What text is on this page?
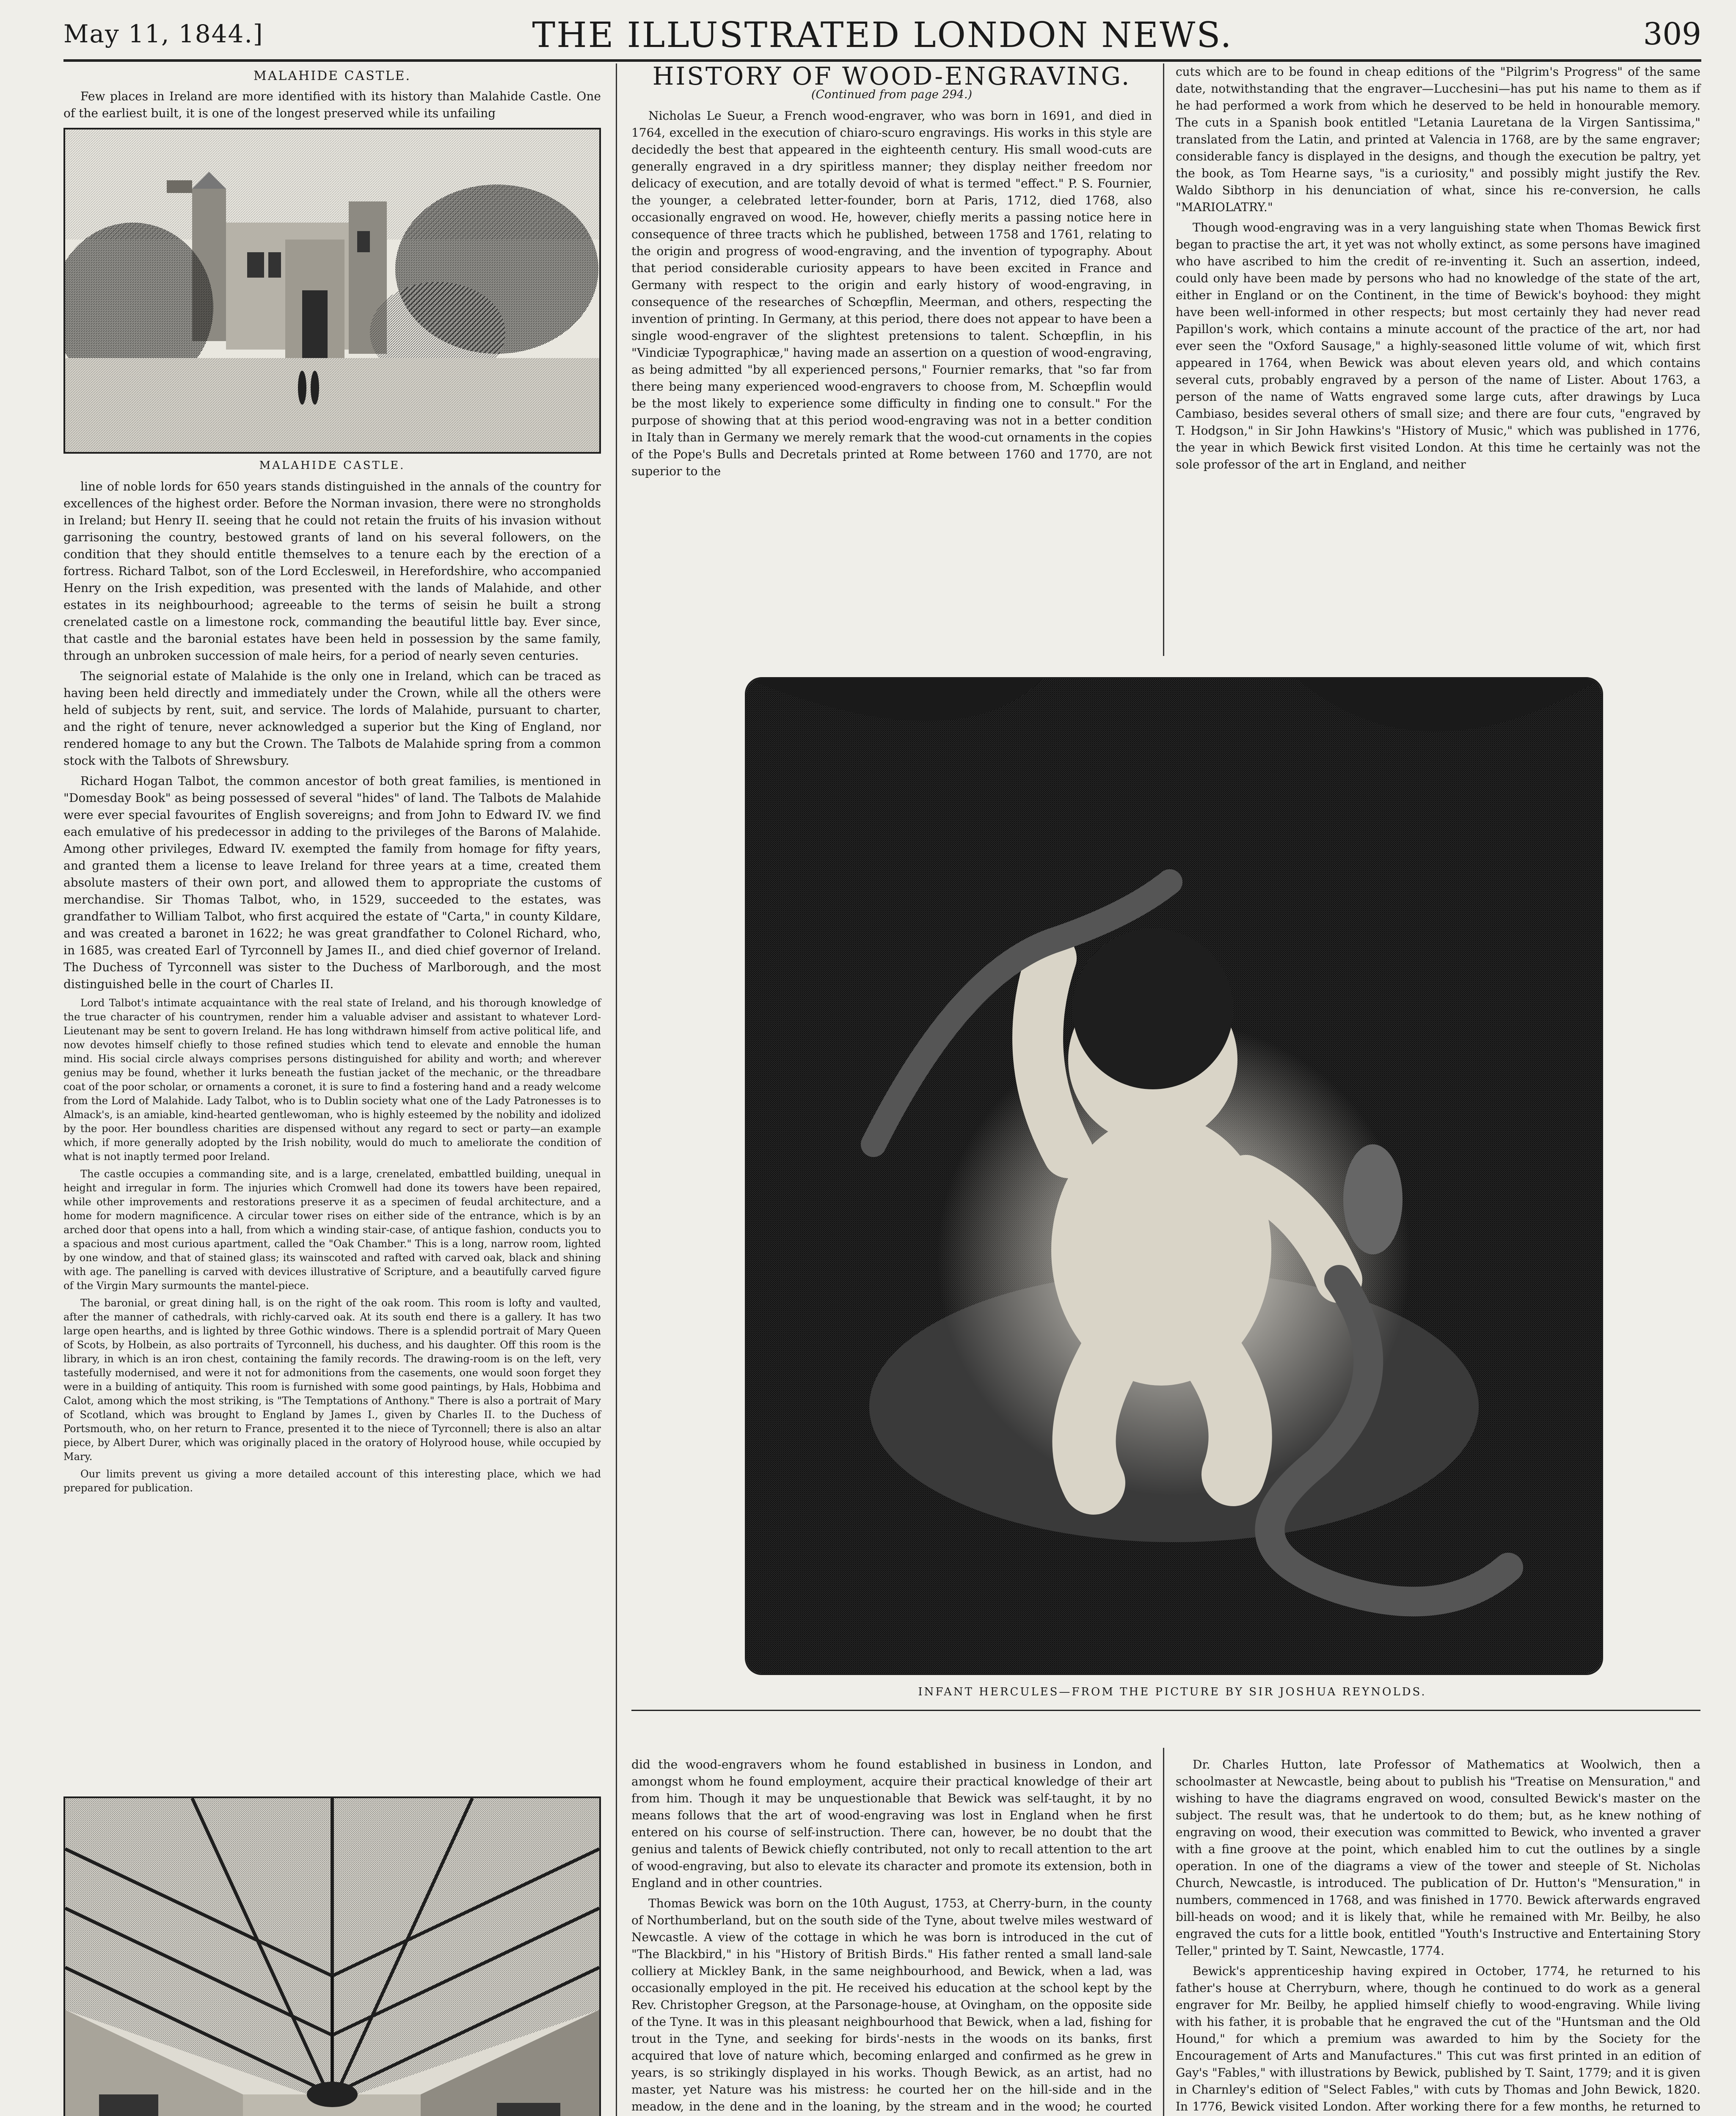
May 11, 1844.]	THE ILLUSTRATED LONDON NEWS.	309
MALAHIDE CASTLE.

Few places in Ireland are more identified with its history than Malahide Castle. One of the earliest built, it is one of the longest preserved while its unfailing

MALAHIDE CASTLE.

line of noble lords for 650 years stands distinguished in the annals of the country for excellences of the highest order. Before the Norman invasion, there were no strongholds in Ireland; but Henry II. seeing that he could not retain the fruits of his invasion without garrisoning the country, bestowed grants of land on his several followers, on the condition that they should entitle themselves to a tenure each by the erection of a fortress. Richard Talbot, son of the Lord Ecclesweil, in Herefordshire, who accompanied Henry on the Irish expedition, was presented with the lands of Malahide, and other estates in its neighbourhood; agreeable to the terms of seisin he built a strong crenelated castle on a limestone rock, commanding the beautiful little bay. Ever since, that castle and the baronial estates have been held in possession by the same family, through an unbroken succession of male heirs, for a period of nearly seven centuries.

The seignorial estate of Malahide is the only one in Ireland, which can be traced as having been held directly and immediately under the Crown, while all the others were held of subjects by rent, suit, and service. The lords of Malahide, pursuant to charter, and the right of tenure, never acknowledged a superior but the King of England, nor rendered homage to any but the Crown. The Talbots de Malahide spring from a common stock with the Talbots of Shrewsbury.

Richard Hogan Talbot, the common ancestor of both great families, is mentioned in "Domesday Book" as being possessed of several "hides" of land. The Talbots de Malahide were ever special favourites of English sovereigns; and from John to Edward IV. we find each emulative of his predecessor in adding to the privileges of the Barons of Malahide. Among other privileges, Edward IV. exempted the family from homage for fifty years, and granted them a license to leave Ireland for three years at a time, created them absolute masters of their own port, and allowed them to appropriate the customs of merchandise. Sir Thomas Talbot, who, in 1529, succeeded to the estates, was grandfather to William Talbot, who first acquired the estate of "Carta," in county Kildare, and was created a baronet in 1622; he was great grandfather to Colonel Richard, who, in 1685, was created Earl of Tyrconnell by James II., and died chief governor of Ireland. The Duchess of Tyrconnell was sister to the Duchess of Marlborough, and the most distinguished belle in the court of Charles II.

Lord Talbot's intimate acquaintance with the real state of Ireland, and his thorough knowledge of the true character of his countrymen, render him a valuable adviser and assistant to whatever Lord-Lieutenant may be sent to govern Ireland. He has long withdrawn himself from active political life, and now devotes himself chiefly to those refined studies which tend to elevate and ennoble the human mind. His social circle always comprises persons distinguished for ability and worth; and wherever genius may be found, whether it lurks beneath the fustian jacket of the mechanic, or the threadbare coat of the poor scholar, or ornaments a coronet, it is sure to find a fostering hand and a ready welcome from the Lord of Malahide. Lady Talbot, who is to Dublin society what one of the Lady Patronesses is to Almack's, is an amiable, kind-hearted gentlewoman, who is highly esteemed by the nobility and idolized by the poor. Her boundless charities are dispensed without any regard to sect or party—an example which, if more generally adopted by the Irish nobility, would do much to ameliorate the condition of what is not inaptly termed poor Ireland.

The castle occupies a commanding site, and is a large, crenelated, embattled building, unequal in height and irregular in form. The injuries which Cromwell had done its towers have been repaired, while other improvements and restorations preserve it as a specimen of feudal architecture, and a home for modern magnificence. A circular tower rises on either side of the entrance, which is by an arched door that opens into a hall, from which a winding stair-case, of antique fashion, conducts you to a spacious and most curious apartment, called the "Oak Chamber." This is a long, narrow room, lighted by one window, and that of stained glass; its wainscoted and rafted with carved oak, black and shining with age. The panelling is carved with devices illustrative of Scripture, and a beautifully carved figure of the Virgin Mary surmounts the mantel-piece.

The baronial, or great dining hall, is on the right of the oak room. This room is lofty and vaulted, after the manner of cathedrals, with richly-carved oak. At its south end there is a gallery. It has two large open hearths, and is lighted by three Gothic windows. There is a splendid portrait of Mary Queen of Scots, by Holbein, as also portraits of Tyrconnell, his duchess, and his daughter. Off this room is the library, in which is an iron chest, containing the family records. The drawing-room is on the left, very tastefully modernised, and were it not for admonitions from the casements, one would soon forget they were in a building of antiquity. This room is furnished with some good paintings, by Hals, Hobbima and Calot, among which the most striking, is "The Temptations of Anthony." There is also a portrait of Mary of Scotland, which was brought to England by James I., given by Charles II. to the Duchess of Portsmouth, who, on her return to France, presented it to the niece of Tyrconnell; there is also an altar piece, by Albert Durer, which was originally placed in the oratory of Holyrood house, while occupied by Mary.

Our limits prevent us giving a more detailed account of this interesting place, which we had prepared for publication.

HISTORY OF WOOD-ENGRAVING.
(Continued from page 294.)

Nicholas Le Sueur, a French wood-engraver, who was born in 1691, and died in 1764, excelled in the execution of chiaro-scuro engravings. His works in this style are decidedly the best that appeared in the eighteenth century. His small wood-cuts are generally engraved in a dry spiritless manner; they display neither freedom nor delicacy of execution, and are totally devoid of what is termed "effect." P. S. Fournier, the younger, a celebrated letter-founder, born at Paris, 1712, died 1768, also occasionally engraved on wood. He, however, chiefly merits a passing notice here in consequence of three tracts which he published, between 1758 and 1761, relating to the origin and progress of wood-engraving, and the invention of typography. About that period considerable curiosity appears to have been excited in France and Germany with respect to the origin and early history of wood-engraving, in consequence of the researches of Schœpflin, Meerman, and others, respecting the invention of printing. In Germany, at this period, there does not appear to have been a single wood-engraver of the slightest pretensions to talent. Schœpflin, in his "Vindiciæ Typographicæ," having made an assertion on a question of wood-engraving, as being admitted "by all experienced persons," Fournier remarks, that "so far from there being many experienced wood-engravers to choose from, M. Schœpflin would be the most likely to experience some difficulty in finding one to consult." For the purpose of showing that at this period wood-engraving was not in a better condition in Italy than in Germany we merely remark that the wood-cut ornaments in the copies of the Pope's Bulls and Decretals printed at Rome between 1760 and 1770, are not superior to the

cuts which are to be found in cheap editions of the "Pilgrim's Progress" of the same date, notwithstanding that the engraver—Lucchesini—has put his name to them as if he had performed a work from which he deserved to be held in honourable memory. The cuts in a Spanish book entitled "Letania Lauretana de la Virgen Santissima," translated from the Latin, and printed at Valencia in 1768, are by the same engraver; considerable fancy is displayed in the designs, and though the execution be paltry, yet the book, as Tom Hearne says, "is a curiosity," and possibly might justify the Rev. Waldo Sibthorp in his denunciation of what, since his re-conversion, he calls "MARIOLATRY."

Though wood-engraving was in a very languishing state when Thomas Bewick first began to practise the art, it yet was not wholly extinct, as some persons have imagined who have ascribed to him the credit of re-inventing it. Such an assertion, indeed, could only have been made by persons who had no knowledge of the state of the art, either in England or on the Continent, in the time of Bewick's boyhood: they might have been well-informed in other respects; but most certainly they had never read Papillon's work, which contains a minute account of the practice of the art, nor had ever seen the "Oxford Sausage," a highly-seasoned little volume of wit, which first appeared in 1764, when Bewick was about eleven years old, and which contains several cuts, probably engraved by a person of the name of Lister. About 1763, a person of the name of Watts engraved some large cuts, after drawings by Luca Cambiaso, besides several others of small size; and there are four cuts, "engraved by T. Hodgson," in Sir John Hawkins's "History of Music," which was published in 1776, the year in which Bewick first visited London. At this time he certainly was not the sole professor of the art in England, and neither

INFANT HERCULES—FROM THE PICTURE BY SIR JOSHUA REYNOLDS.

did the wood-engravers whom he found established in business in London, and amongst whom he found employment, acquire their practical knowledge of their art from him. Though it may be unquestionable that Bewick was self-taught, it by no means follows that the art of wood-engraving was lost in England when he first entered on his course of self-instruction. There can, however, be no doubt that the genius and talents of Bewick chiefly contributed, not only to recall attention to the art of wood-engraving, but also to elevate its character and promote its extension, both in England and in other countries.

Thomas Bewick was born on the 10th August, 1753, at Cherry-burn, in the county of Northumberland, but on the south side of the Tyne, about twelve miles westward of Newcastle. A view of the cottage in which he was born is introduced in the cut of "The Blackbird," in his "History of British Birds." His father rented a small land-sale colliery at Mickley Bank, in the same neighbourhood, and Bewick, when a lad, was occasionally employed in the pit. He received his education at the school kept by the Rev. Christopher Gregson, at the Parsonage-house, at Ovingham, on the opposite side of the Tyne. It was in this pleasant neighbourhood that Bewick, when a lad, fishing for trout in the Tyne, and seeking for birds'-nests in the woods on its banks, first acquired that love of nature which, becoming enlarged and confirmed as he grew in years, is so strikingly displayed in his works. Though Bewick, as an artist, had no master, yet Nature was his mistress: he courted her on the hill-side and in the meadow, in the dene and in the loaning, by the stream and in the wood; he courted

Dr. Charles Hutton, late Professor of Mathematics at Woolwich, then a schoolmaster at Newcastle, being about to publish his "Treatise on Mensuration," and wishing to have the diagrams engraved on wood, consulted Bewick's master on the subject. The result was, that he undertook to do them; but, as he knew nothing of engraving on wood, their execution was committed to Bewick, who invented a graver with a fine groove at the point, which enabled him to cut the outlines by a single operation. In one of the diagrams a view of the tower and steeple of St. Nicholas Church, Newcastle, is introduced. The publication of Dr. Hutton's "Mensuration," in numbers, commenced in 1768, and was finished in 1770. Bewick afterwards engraved bill-heads on wood; and it is likely that, while he remained with Mr. Beilby, he also engraved the cuts for a little book, entitled "Youth's Instructive and Entertaining Story Teller," printed by T. Saint, Newcastle, 1774.

Bewick's apprenticeship having expired in October, 1774, he returned to his father's house at Cherryburn, where, though he continued to do work as a general engraver for Mr. Beilby, he applied himself chiefly to wood-engraving. While living with his father, it is probable that he engraved the cut of the "Huntsman and the Old Hound," for which a premium was awarded to him by the Society for the Encouragement of Arts and Manufactures." This cut was first printed in an edition of Gay's "Fables," with illustrations by Bewick, published by T. Saint, 1779; and it is given in Charnley's edition of "Select Fables," with cuts by Thomas and John Bewick, 1820. In 1776, Bewick visited London. After working there for a few months, he returned to
